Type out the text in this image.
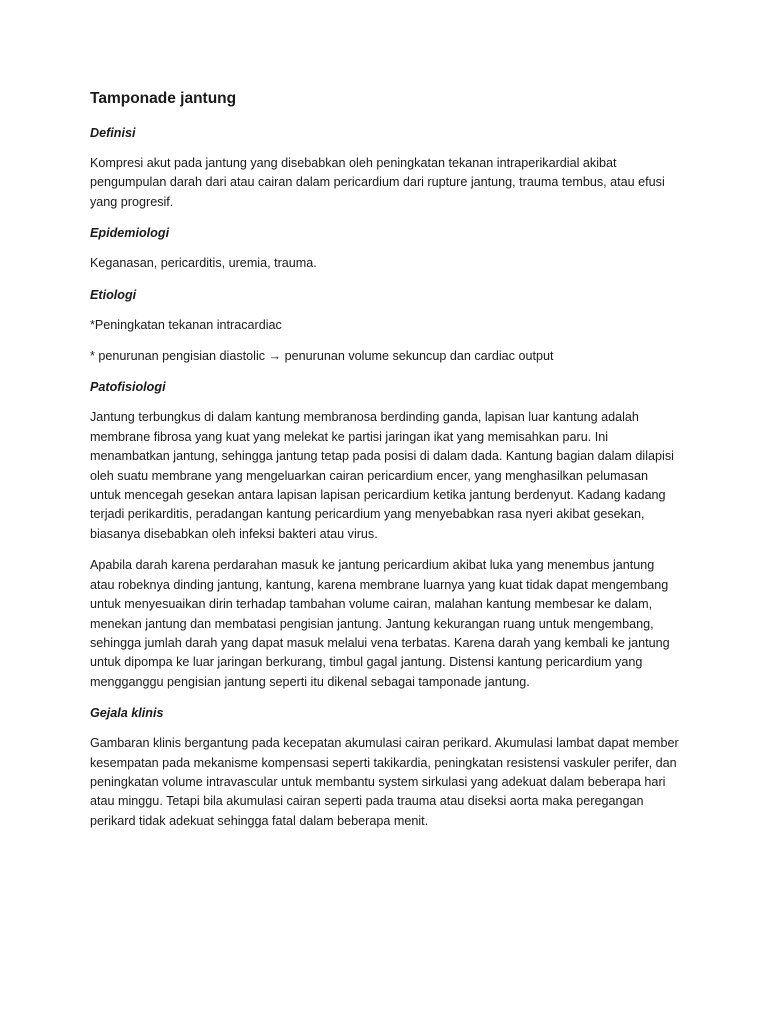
Tamponade jantung
Definisi

Kompresi akut pada jantung yang disebabkan oleh peningkatan tekanan intraperikardial akibat pengumpulan darah dari atau cairan dalam pericardium dari rupture jantung, trauma tembus, atau efusi yang progresif.

Epidemiologi

Keganasan, pericarditis, uremia, trauma.

Etiologi

*Peningkatan tekanan intracardiac

* penurunan pengisian diastolic → penurunan volume sekuncup dan cardiac output

Patofisiologi

Jantung terbungkus di dalam kantung membranosa berdinding ganda, lapisan luar kantung adalah membrane fibrosa yang kuat yang melekat ke partisi jaringan ikat yang memisahkan paru. Ini menambatkan jantung, sehingga jantung tetap pada posisi di dalam dada. Kantung bagian dalam dilapisi oleh suatu membrane yang mengeluarkan cairan pericardium encer, yang menghasilkan pelumasan untuk mencegah gesekan antara lapisan lapisan pericardium ketika jantung berdenyut. Kadang kadang terjadi perikarditis, peradangan kantung pericardium yang menyebabkan rasa nyeri akibat gesekan, biasanya disebabkan oleh infeksi bakteri atau virus.

Apabila darah karena perdarahan masuk ke jantung pericardium akibat luka yang menembus jantung atau robeknya dinding jantung, kantung, karena membrane luarnya yang kuat tidak dapat mengembang untuk menyesuaikan dirin terhadap tambahan volume cairan, malahan kantung membesar ke dalam, menekan jantung dan membatasi pengisian jantung. Jantung kekurangan ruang untuk mengembang, sehingga jumlah darah yang dapat masuk melalui vena terbatas. Karena darah yang kembali ke jantung untuk dipompa ke luar jaringan berkurang, timbul gagal jantung. Distensi kantung pericardium yang mengganggu pengisian jantung seperti itu dikenal sebagai tamponade jantung.

Gejala klinis

Gambaran klinis bergantung pada kecepatan akumulasi cairan perikard. Akumulasi lambat dapat member kesempatan pada mekanisme kompensasi seperti takikardia, peningkatan resistensi vaskuler perifer, dan peningkatan volume intravascular untuk membantu system sirkulasi yang adekuat dalam beberapa hari atau minggu. Tetapi bila akumulasi cairan seperti pada trauma atau diseksi aorta maka peregangan perikard tidak adekuat sehingga fatal dalam beberapa menit.
